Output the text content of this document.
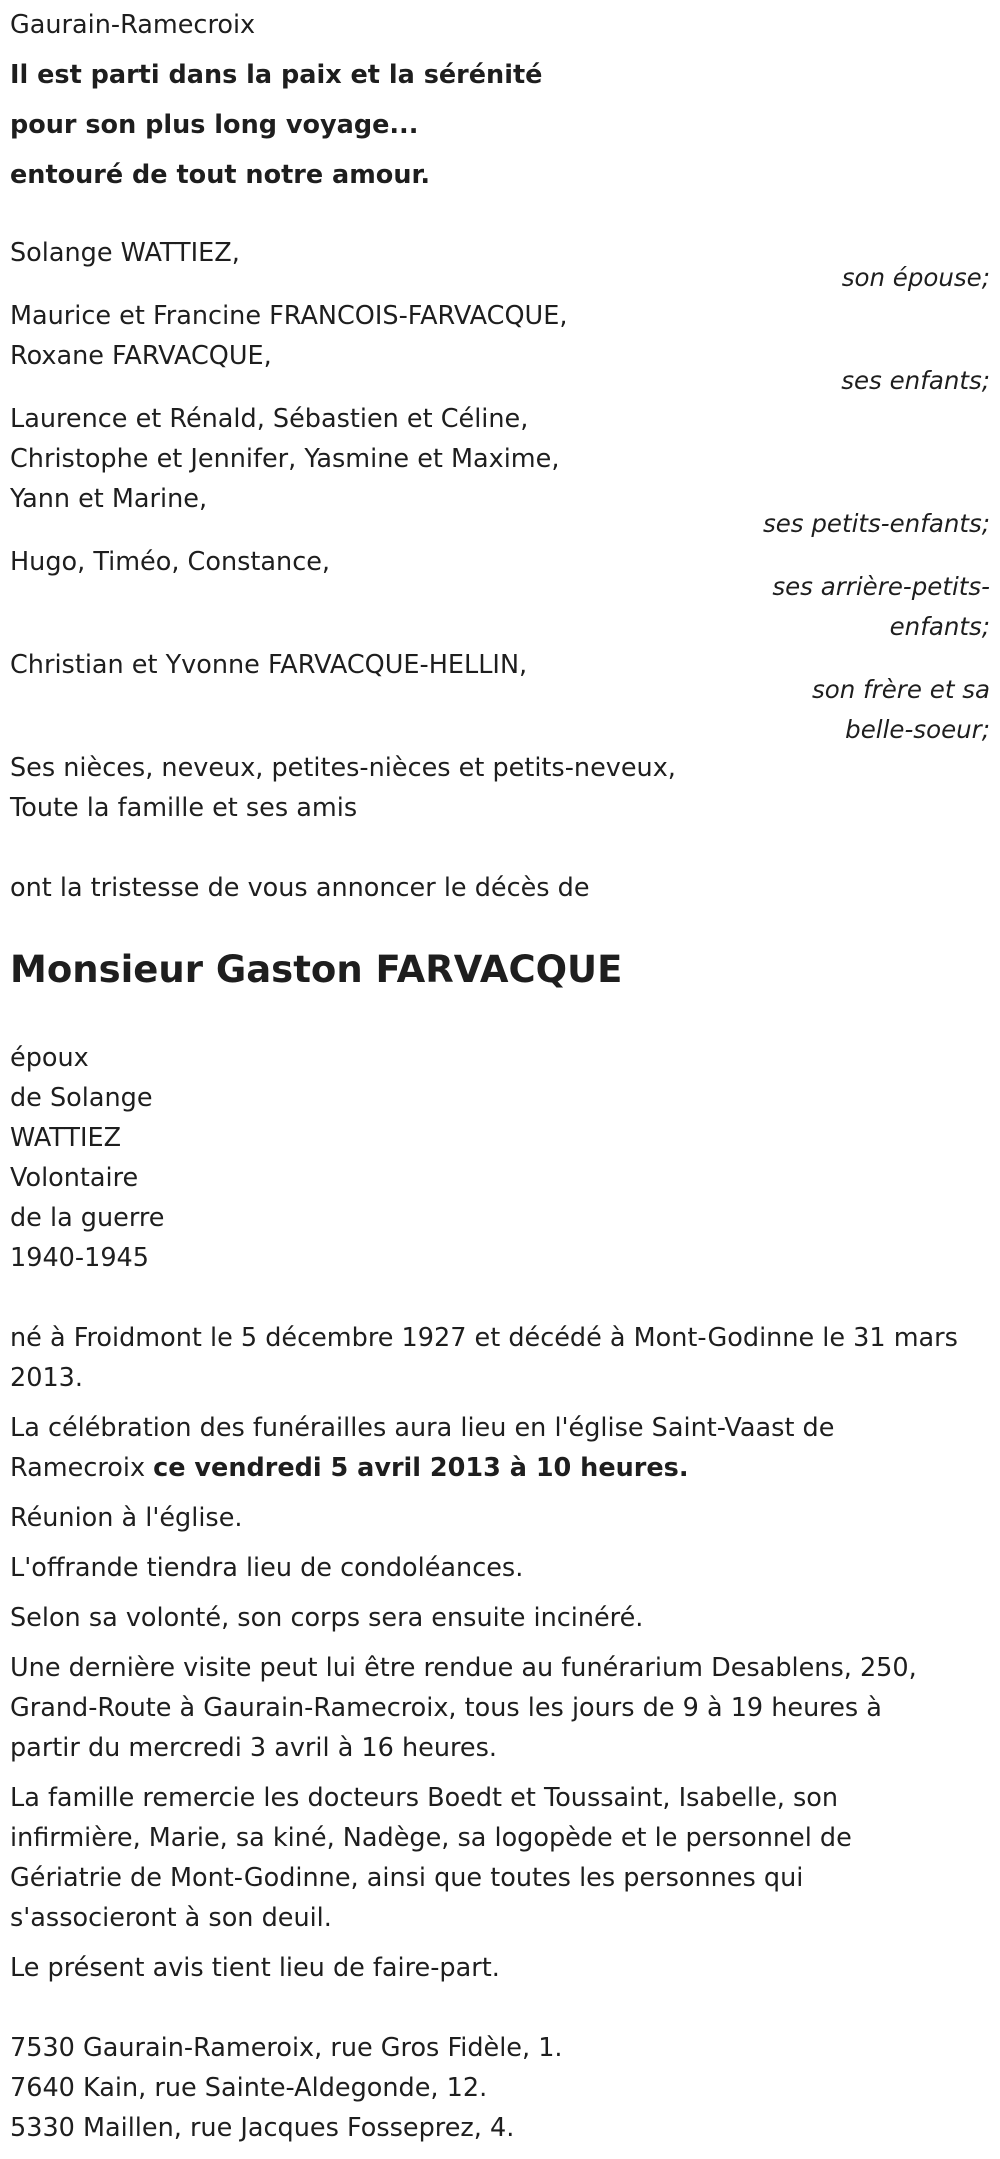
Gaurain-Ramecroix

Il est parti dans la paix et la sérénité

pour son plus long voyage...

entouré de tout notre amour.

Solange WATTIEZ,

son épouse;

Maurice et Francine FRANCOIS-FARVACQUE,

Roxane FARVACQUE,

ses enfants;

Laurence et Rénald, Sébastien et Céline,

Christophe et Jennifer, Yasmine et Maxime,

Yann et Marine,

ses petits-enfants;

Hugo, Timéo, Constance,

ses arrière-petits-

enfants;

Christian et Yvonne FARVACQUE-HELLIN,

son frère et sa

belle-soeur;

Ses nièces, neveux, petites-nièces et petits-neveux,

Toute la famille et ses amis

ont la tristesse de vous annoncer le décès de

Monsieur Gaston FARVACQUE

époux

de Solange

WATTIEZ

Volontaire

de la guerre

1940-1945

né à Froidmont le 5 décembre 1927 et décédé à Mont-Godinne le 31 mars

2013.

La célébration des funérailles aura lieu en l'église Saint-Vaast de

Ramecroix ce vendredi 5 avril 2013 à 10 heures.

Réunion à l'église.

L'offrande tiendra lieu de condoléances.

Selon sa volonté, son corps sera ensuite incinéré.

Une dernière visite peut lui être rendue au funérarium Desablens, 250,

Grand-Route à Gaurain-Ramecroix, tous les jours de 9 à 19 heures à

partir du mercredi 3 avril à 16 heures.

La famille remercie les docteurs Boedt et Toussaint, Isabelle, son

infirmière, Marie, sa kiné, Nadège, sa logopède et le personnel de

Gériatrie de Mont-Godinne, ainsi que toutes les personnes qui

s'associeront à son deuil.

Le présent avis tient lieu de faire-part.

7530 Gaurain-Rameroix, rue Gros Fidèle, 1.

7640 Kain, rue Sainte-Aldegonde, 12.

5330 Maillen, rue Jacques Fosseprez, 4.
